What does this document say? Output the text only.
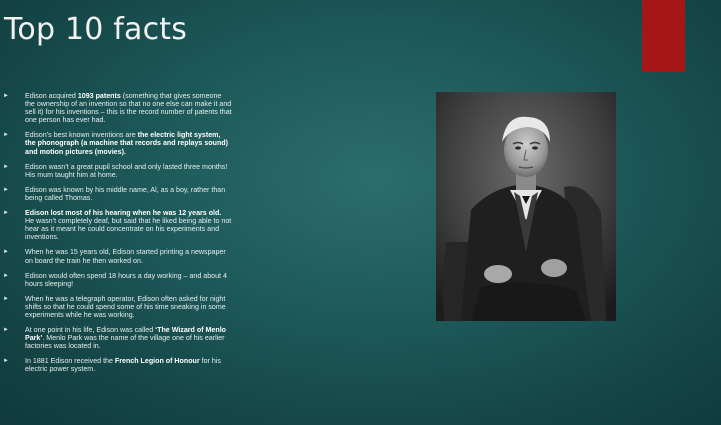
Top 10 facts
► Edison acquired 1093 patents (something that gives someone the ownership of an invention so that no one else can make it and sell it) for his inventions – this is the record number of patents that one person has ever had.
► Edison’s best known inventions are the electric light system, the phonograph (a machine that records and replays sound) and motion pictures (movies).
► Edison wasn’t a great pupil school and only lasted three months! His mum taught him at home.
► Edison was known by his middle name, Al, as a boy, rather than being called Thomas.
► Edison lost most of his hearing when he was 12 years old. He wasn’t completely deaf, but said that he liked being able to not hear as it meant he could concentrate on his experiments and inventions.
► When he was 15 years old, Edison started printing a newspaper on board the train he then worked on.
► Edison would often spend 18 hours a day working – and about 4 hours sleeping!
► When he was a telegraph operator, Edison often asked for night shifts so that he could spend some of his time sneaking in some experiments while he was working.
► At one point in his life, Edison was called ‘The Wizard of Menlo Park’. Menlo Park was the name of the village one of his earlier factories was located in.
► In 1881 Edison received the French Legion of Honour for his electric power system.
